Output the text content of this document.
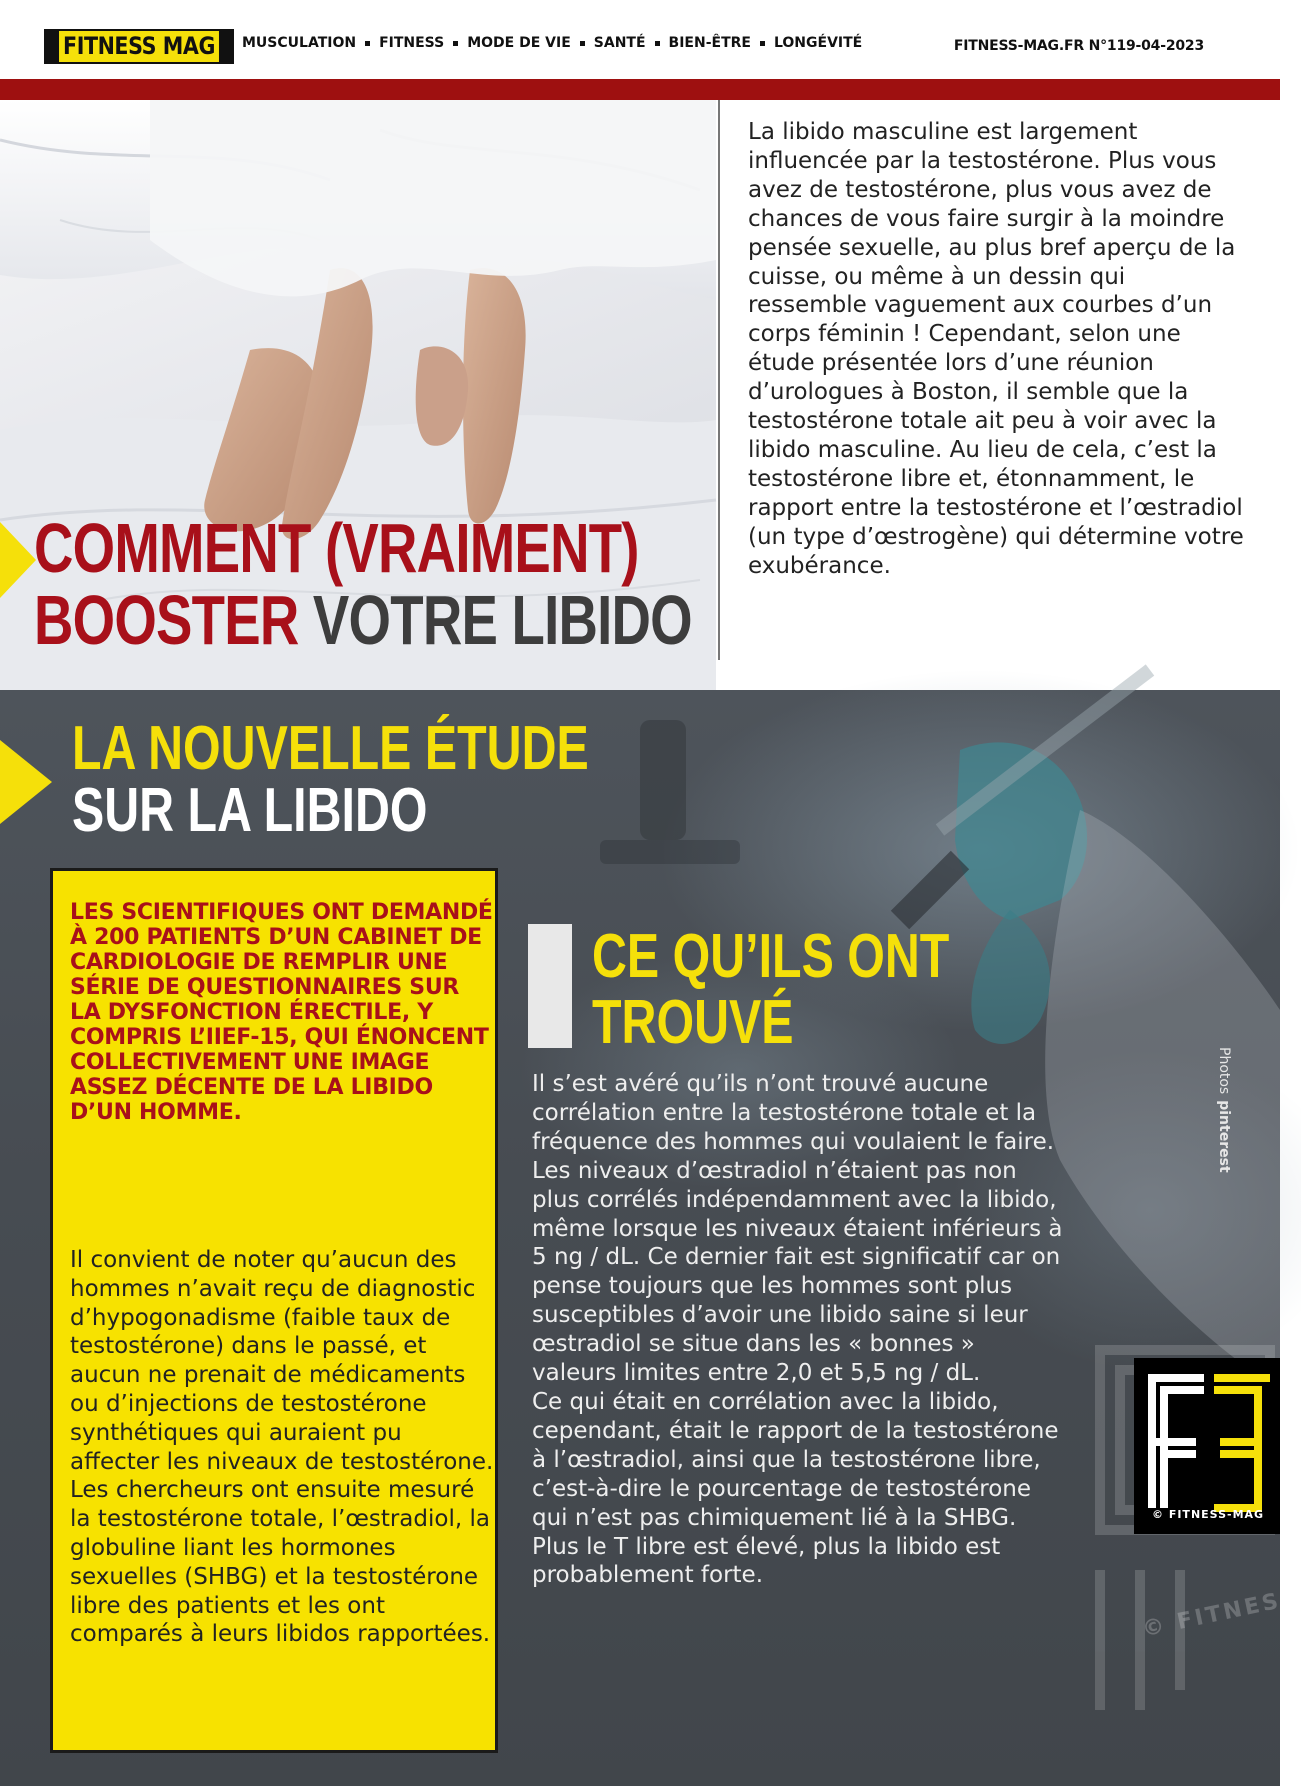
FITNESS MAG MUSCULATION FITNESS MODE DE VIE SANTÉ BIEN-ÊTRE LONGÉVITÉ	FITNESS-MAG.FR N°119-04-2023
La libido masculine est largement influencée par la testostérone. Plus vous avez de testostérone, plus vous avez de chances de vous faire surgir à la moindre pensée sexuelle, au plus bref aperçu de la cuisse, ou même à un dessin qui ressemble vaguement aux courbes d’un corps féminin ! Cependant, selon une étude présentée lors d’une réunion d’urologues à Boston, il semble que la testostérone totale ait peu à voir avec la libido masculine. Au lieu de cela, c’est la testostérone libre et, étonnamment, le rapport entre la testostérone et l’œstradiol (un type d’œstrogène) qui détermine votre exubérance.
COMMENT (VRAIMENT)
BOOSTER VOTRE LIBIDO
LA NOUVELLE ÉTUDE
SUR LA LIBIDO
LES SCIENTIFIQUES ONT DEMANDÉ À 200 PATIENTS D’UN CABINET DE CARDIOLOGIE DE REMPLIR UNE SÉRIE DE QUESTIONNAIRES SUR LA DYSFONCTION ÉRECTILE, Y COMPRIS L’IIEF-15, QUI ÉNONCENT COLLECTIVEMENT UNE IMAGE ASSEZ DÉCENTE DE LA LIBIDO D’UN HOMME.

Il convient de noter qu’aucun des hommes n’avait reçu de diagnostic d’hypogonadisme (faible taux de testostérone) dans le passé, et aucun ne prenait de médicaments ou d’injections de testostérone synthétiques qui auraient pu affecter les niveaux de testostérone.

Les chercheurs ont ensuite mesuré la testostérone totale, l’œstradiol, la globuline liant les hormones sexuelles (SHBG) et la testostérone libre des patients et les ont comparés à leurs libidos rapportées.

CE QU’ILS ONT
TROUVÉ

Il s’est avéré qu’ils n’ont trouvé aucune corrélation entre la testostérone totale et la fréquence des hommes qui voulaient le faire. Les niveaux d’œstradiol n’étaient pas non plus corrélés indépendamment avec la libido, même lorsque les niveaux étaient inférieurs à 5 ng / dL. Ce dernier fait est significatif car on pense toujours que les hommes sont plus susceptibles d’avoir une libido saine si leur œstradiol se situe dans les « bonnes » valeurs limites entre 2,0 et 5,5 ng / dL.

Ce qui était en corrélation avec la libido, cependant, était le rapport de la testostérone à l’œstradiol, ainsi que la testostérone libre, c’est-à-dire le pourcentage de testostérone qui n’est pas chimiquement lié à la SHBG. Plus le T libre est élevé, plus la libido est probablement forte.

Photospinterest
© FITNESS-MAG
© FITNESS
